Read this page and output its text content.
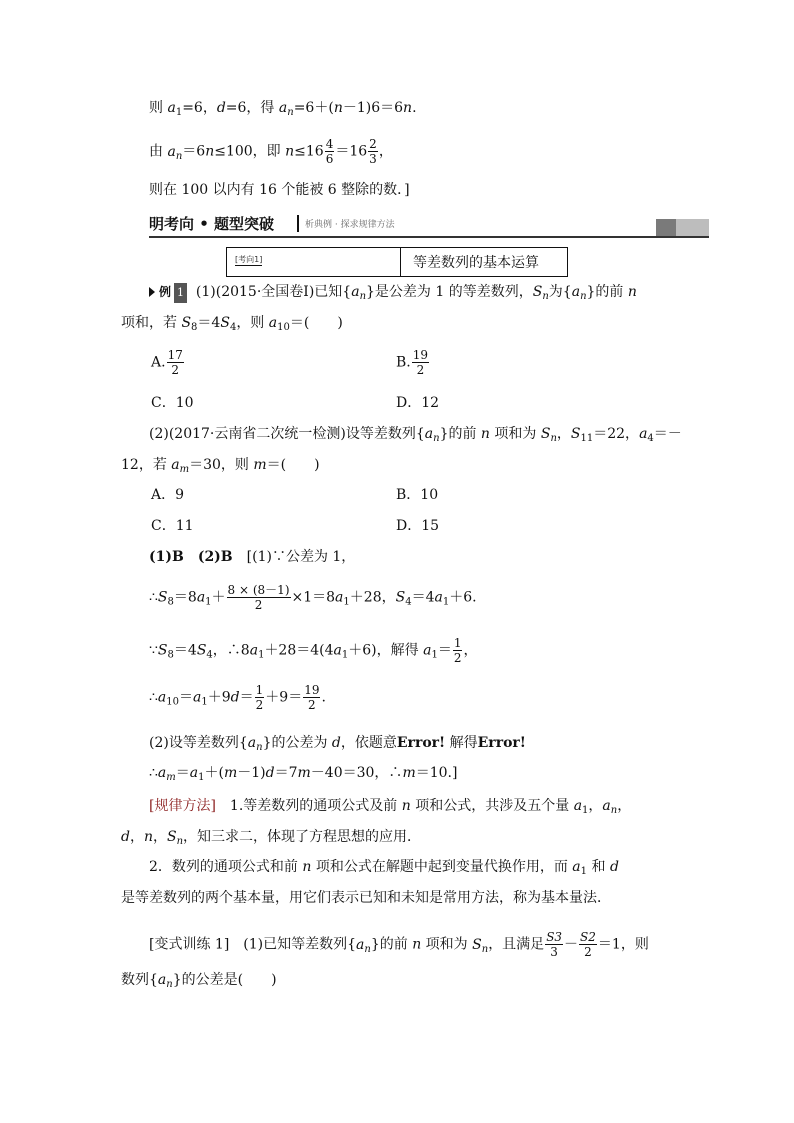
则 $a_1=6$，d=6，得 $a_n=6+(n-1)6=6n$.
由 $a_n=6n\le 100$，即 $n\le 16 \frac{4}{6} =16 \frac{2}{3}$ ，
则在 100 以内有 16 个能被 6 整除的数．]
明考向 • 题型突破	析典例 · 探求规律方法
[考向1]	等差数列的基本运算
例 1 (1)(2015·全国卷Ⅰ)已知$\{a_n\}$是公差为 1 的等差数列，$S_n$为$\{a_n\}$的前 n
项和，若 $S_8=4S_4$，则 $a_{10}=$(　　)
A. $\frac{17}{2}$	B. $\frac{19}{2}$
C．10	D．12
(2)(2017·云南省二次统一检测)设等差数列$\{a_n\}$的前 n 项和为 $S_n$，$S_{11}=22$，$a_4=-$
12，若 $a_m=30$，则 m＝(　　)
A．9	B．10
C．11	D．15
(1)B　(2)B　 [(1)∵公差为 1，
$\therefore S_8=8a_1+ \frac{8 \times (8-1)}{2} \times 1=8a_1+28$，$S_4=4a_1+6$.
$\because S_8=4S_4$，$\therefore 8a_1+28=4(4a_1+6)$，解得 $a_1= \frac{1}{2}$ ，
$\therefore a_{10}=a_1+9d= \frac{1}{2} +9= \frac{19}{2}$ .
(2)设等差数列$\{a_n\}$的公差为 d，依题意Error! 解得Error!
$\therefore a_m=a_1+(m-1)d=7m-40=30$，∴m＝10.]
[规律方法]　1.等差数列的通项公式及前 n 项和公式，共涉及五个量 $a_1$，$a_n$，
d，n，$S_n$，知三求二，体现了方程思想的应用．
2．数列的通项公式和前 n 项和公式在解题中起到变量代换作用，而 $a_1$ 和 d
是等差数列的两个基本量，用它们表示已知和未知是常用方法，称为基本量法．
[变式训练 1]　(1)已知等差数列$\{a_n\}$的前 n 项和为 $S_n$，且满足 $\frac{S3}{3} - \frac{S2}{2} =1$，则
数列$\{a_n\}$的公差是(　　)
